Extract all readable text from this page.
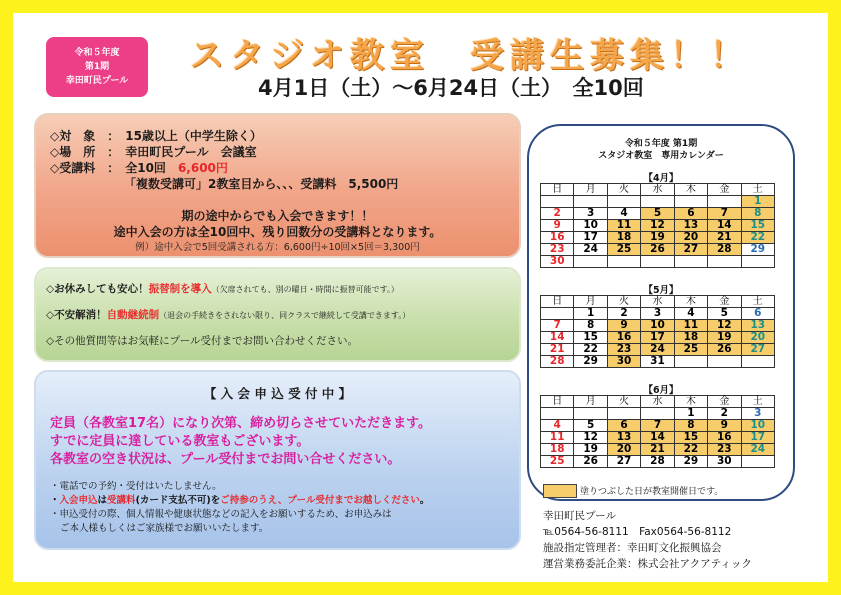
令和５年度
第1期
幸田町民プール
スタジオ教室　受講生募集！！
4月1日（土）～6月24日（土）　全10回
◇対　象　：　15歳以上（中学生除く）
◇場　所　：　幸田町民プール　会議室
◇受講料　：　全10回　6,600円
「複数受講可」2教室目から、、、受講料　5,500円
期の途中からでも入会できます！！
途中入会の方は全10回中、残り回数分の受講料となります。
例）途中入会で5回受講される方：6,600円÷10回×5回＝3,300円
◇お休みしても安心！振替制を導入（欠席されても、別の曜日・時間に振替可能です。）
◇不安解消！自動継続制（退会の手続きをされない限り、同クラスで継続して受講できます。）
◇その他質問等はお気軽にプール受付までお問い合わせください。
【 入 会 申 込 受 付 中 】
定員（各教室17名）になり次第、締め切らさせていただきます。
すでに定員に達している教室もございます。
各教室の空き状況は、プール受付までお問い合せください。
・電話での予約・受付はいたしません。
・入会申込は受講料(カード支払不可)をご持参のうえ、プール受付までお越しください。
・申込受付の際、個人情報や健康状態などの記入をお願いするため、お申込みは
ご本人様もしくはご家族様でお願いいたします。
令和５年度 第1期
スタジオ教室　専用カレンダー
【4月】
日	月	火	水	木	金	土
						1
2	3	4	5	6	7	8
9	10	11	12	13	14	15
16	17	18	19	20	21	22
23	24	25	26	27	28	29
30						
【5月】
日	月	火	水	木	金	土
	1	2	3	4	5	6
7	8	9	10	11	12	13
14	15	16	17	18	19	20
21	22	23	24	25	26	27
28	29	30	31			
【6月】
日	月	火	水	木	金	土
				1	2	3
4	5	6	7	8	9	10
11	12	13	14	15	16	17
18	19	20	21	22	23	24
25	26	27	28	29	30	
塗りつぶした日が教室開催日です。
幸田町民プール
℡0564-56-8111　Fax0564-56-8112
施設指定管理者：幸田町文化振興協会
運営業務委託企業：株式会社アクアティック
